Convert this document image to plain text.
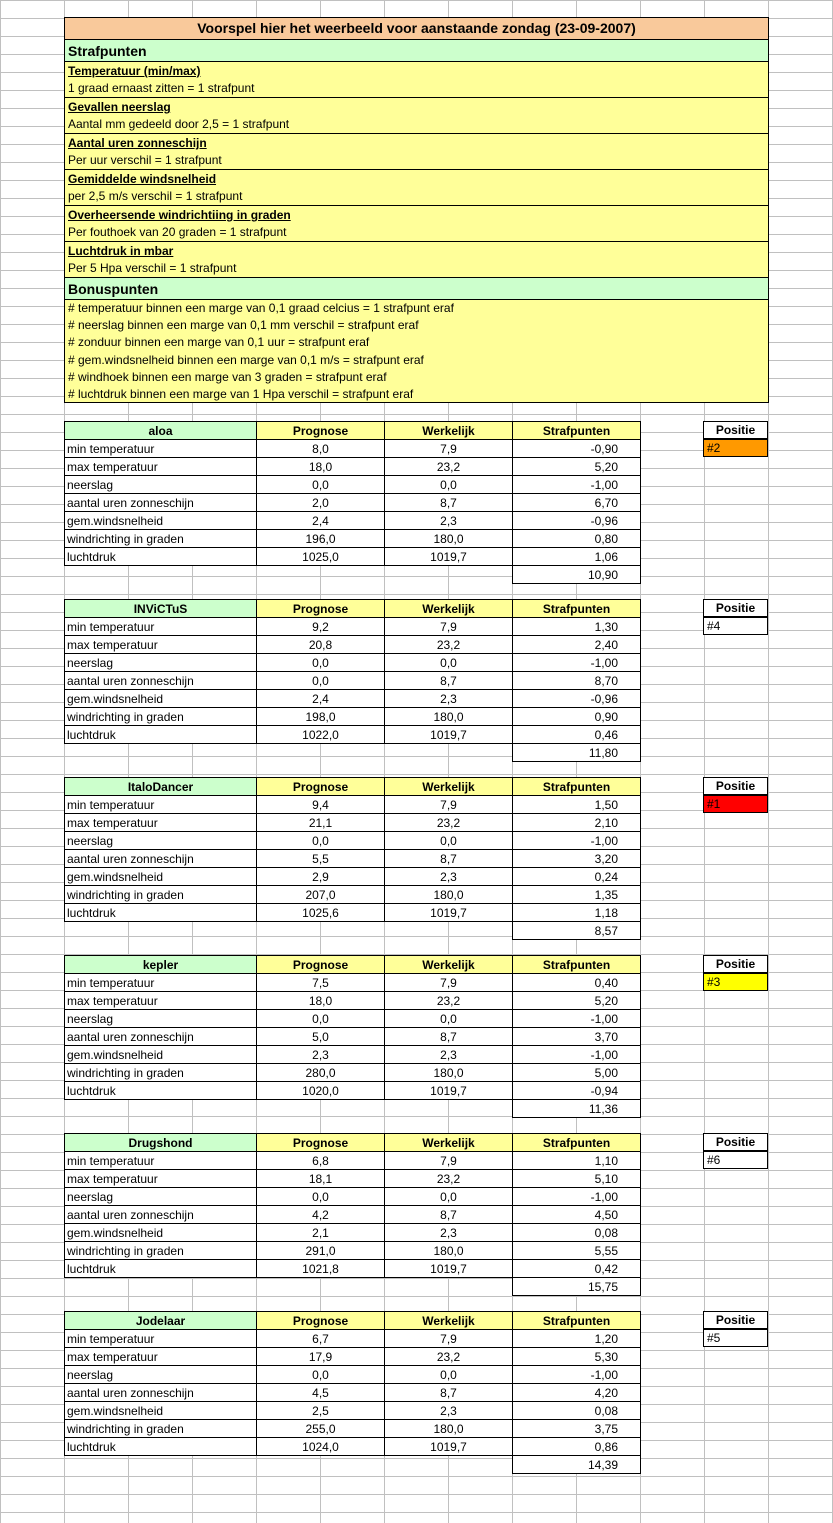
Voorspel hier het weerbeeld voor aanstaande zondag (23-09-2007)
Strafpunten
Temperatuur (min/max)
1 graad ernaast zitten = 1 strafpunt
Gevallen neerslag
Aantal mm gedeeld door 2,5 = 1 strafpunt
Aantal uren zonneschijn
Per uur verschil = 1 strafpunt
Gemiddelde windsnelheid
per 2,5 m/s verschil = 1 strafpunt
Overheersende windrichtiing in graden
Per fouthoek van 20 graden = 1 strafpunt
Luchtdruk in mbar
Per 5 Hpa verschil = 1 strafpunt
Bonuspunten
# temperatuur binnen een marge van 0,1 graad celcius = 1 strafpunt eraf
# neerslag binnen een marge van 0,1 mm verschil = strafpunt eraf
# zonduur binnen een marge van 0,1 uur = strafpunt eraf
# gem.windsnelheid binnen een marge van 0,1 m/s = strafpunt eraf
# windhoek binnen een marge van 3 graden = strafpunt eraf
# luchtdruk binnen een marge van 1 Hpa verschil = strafpunt eraf
aloa	Prognose	Werkelijk	Strafpunten
min temperatuur	8,0	7,9	-0,90
max temperatuur	18,0	23,2	5,20
neerslag	0,0	0,0	-1,00
aantal uren zonneschijn	2,0	8,7	6,70
gem.windsnelheid	2,4	2,3	-0,96
windrichting in graden	196,0	180,0	0,80
luchtdruk	1025,0	1019,7	1,06
			10,90
Positie
#2
INViCTuS	Prognose	Werkelijk	Strafpunten
min temperatuur	9,2	7,9	1,30
max temperatuur	20,8	23,2	2,40
neerslag	0,0	0,0	-1,00
aantal uren zonneschijn	0,0	8,7	8,70
gem.windsnelheid	2,4	2,3	-0,96
windrichting in graden	198,0	180,0	0,90
luchtdruk	1022,0	1019,7	0,46
			11,80
Positie
#4
ItaloDancer	Prognose	Werkelijk	Strafpunten
min temperatuur	9,4	7,9	1,50
max temperatuur	21,1	23,2	2,10
neerslag	0,0	0,0	-1,00
aantal uren zonneschijn	5,5	8,7	3,20
gem.windsnelheid	2,9	2,3	0,24
windrichting in graden	207,0	180,0	1,35
luchtdruk	1025,6	1019,7	1,18
			8,57
Positie
#1
kepler	Prognose	Werkelijk	Strafpunten
min temperatuur	7,5	7,9	0,40
max temperatuur	18,0	23,2	5,20
neerslag	0,0	0,0	-1,00
aantal uren zonneschijn	5,0	8,7	3,70
gem.windsnelheid	2,3	2,3	-1,00
windrichting in graden	280,0	180,0	5,00
luchtdruk	1020,0	1019,7	-0,94
			11,36
Positie
#3
Drugshond	Prognose	Werkelijk	Strafpunten
min temperatuur	6,8	7,9	1,10
max temperatuur	18,1	23,2	5,10
neerslag	0,0	0,0	-1,00
aantal uren zonneschijn	4,2	8,7	4,50
gem.windsnelheid	2,1	2,3	0,08
windrichting in graden	291,0	180,0	5,55
luchtdruk	1021,8	1019,7	0,42
			15,75
Positie
#6
Jodelaar	Prognose	Werkelijk	Strafpunten
min temperatuur	6,7	7,9	1,20
max temperatuur	17,9	23,2	5,30
neerslag	0,0	0,0	-1,00
aantal uren zonneschijn	4,5	8,7	4,20
gem.windsnelheid	2,5	2,3	0,08
windrichting in graden	255,0	180,0	3,75
luchtdruk	1024,0	1019,7	0,86
			14,39
Positie
#5
